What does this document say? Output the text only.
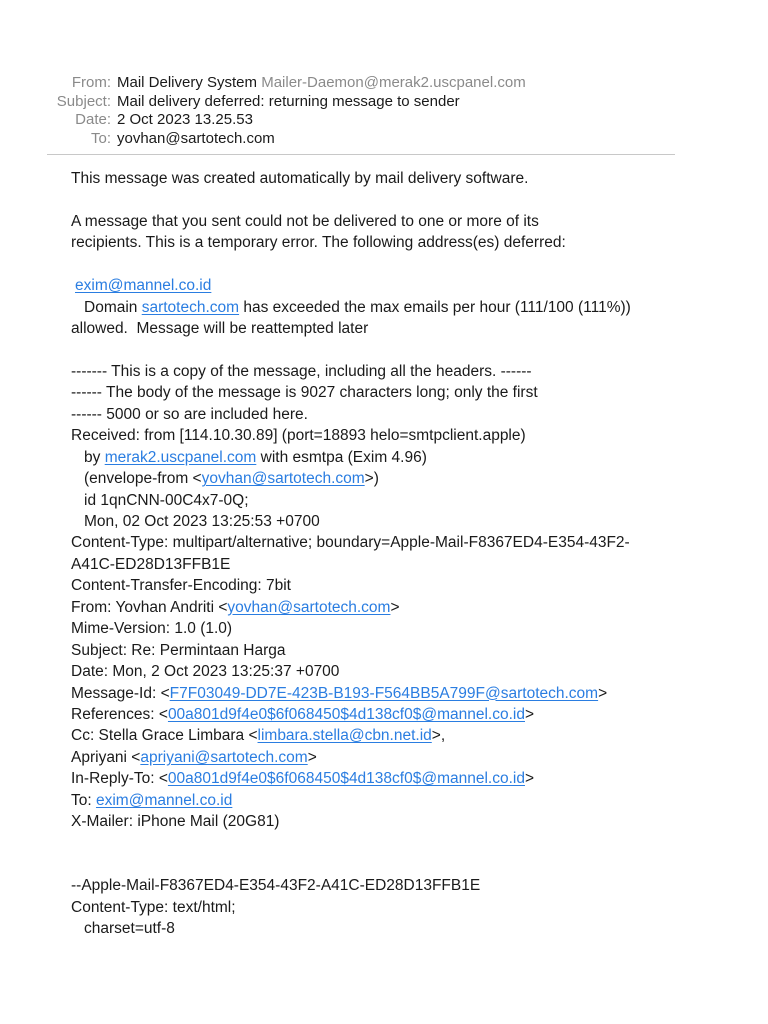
From: Mail Delivery System Mailer-Daemon@merak2.uscpanel.com
Subject: Mail delivery deferred: returning message to sender
Date: 2 Oct 2023 13.25.53
To: yovhan@sartotech.com
This message was created automatically by mail delivery software.
A message that you sent could not be delivered to one or more of its
recipients. This is a temporary error. The following address(es) deferred:
exim@mannel.co.id
Domain sartotech.com has exceeded the max emails per hour (111/100 (111%))
allowed.  Message will be reattempted later
------- This is a copy of the message, including all the headers. ------
------ The body of the message is 9027 characters long; only the first
------ 5000 or so are included here.
Received: from [114.10.30.89] (port=18893 helo=smtpclient.apple)
by merak2.uscpanel.com with esmtpa (Exim 4.96)
(envelope-from <yovhan@sartotech.com>)
id 1qnCNN-00C4x7-0Q;
Mon, 02 Oct 2023 13:25:53 +0700
Content-Type: multipart/alternative; boundary=Apple-Mail-F8367ED4-E354-43F2-
A41C-ED28D13FFB1E
Content-Transfer-Encoding: 7bit
From: Yovhan Andriti <yovhan@sartotech.com>
Mime-Version: 1.0 (1.0)
Subject: Re: Permintaan Harga
Date: Mon, 2 Oct 2023 13:25:37 +0700
Message-Id: <F7F03049-DD7E-423B-B193-F564BB5A799F@sartotech.com>
References: <00a801d9f4e0$6f068450$4d138cf0$@mannel.co.id>
Cc: Stella Grace Limbara <limbara.stella@cbn.net.id>,
Apriyani <apriyani@sartotech.com>
In-Reply-To: <00a801d9f4e0$6f068450$4d138cf0$@mannel.co.id>
To: exim@mannel.co.id
X-Mailer: iPhone Mail (20G81)
--Apple-Mail-F8367ED4-E354-43F2-A41C-ED28D13FFB1E
Content-Type: text/html;
charset=utf-8
